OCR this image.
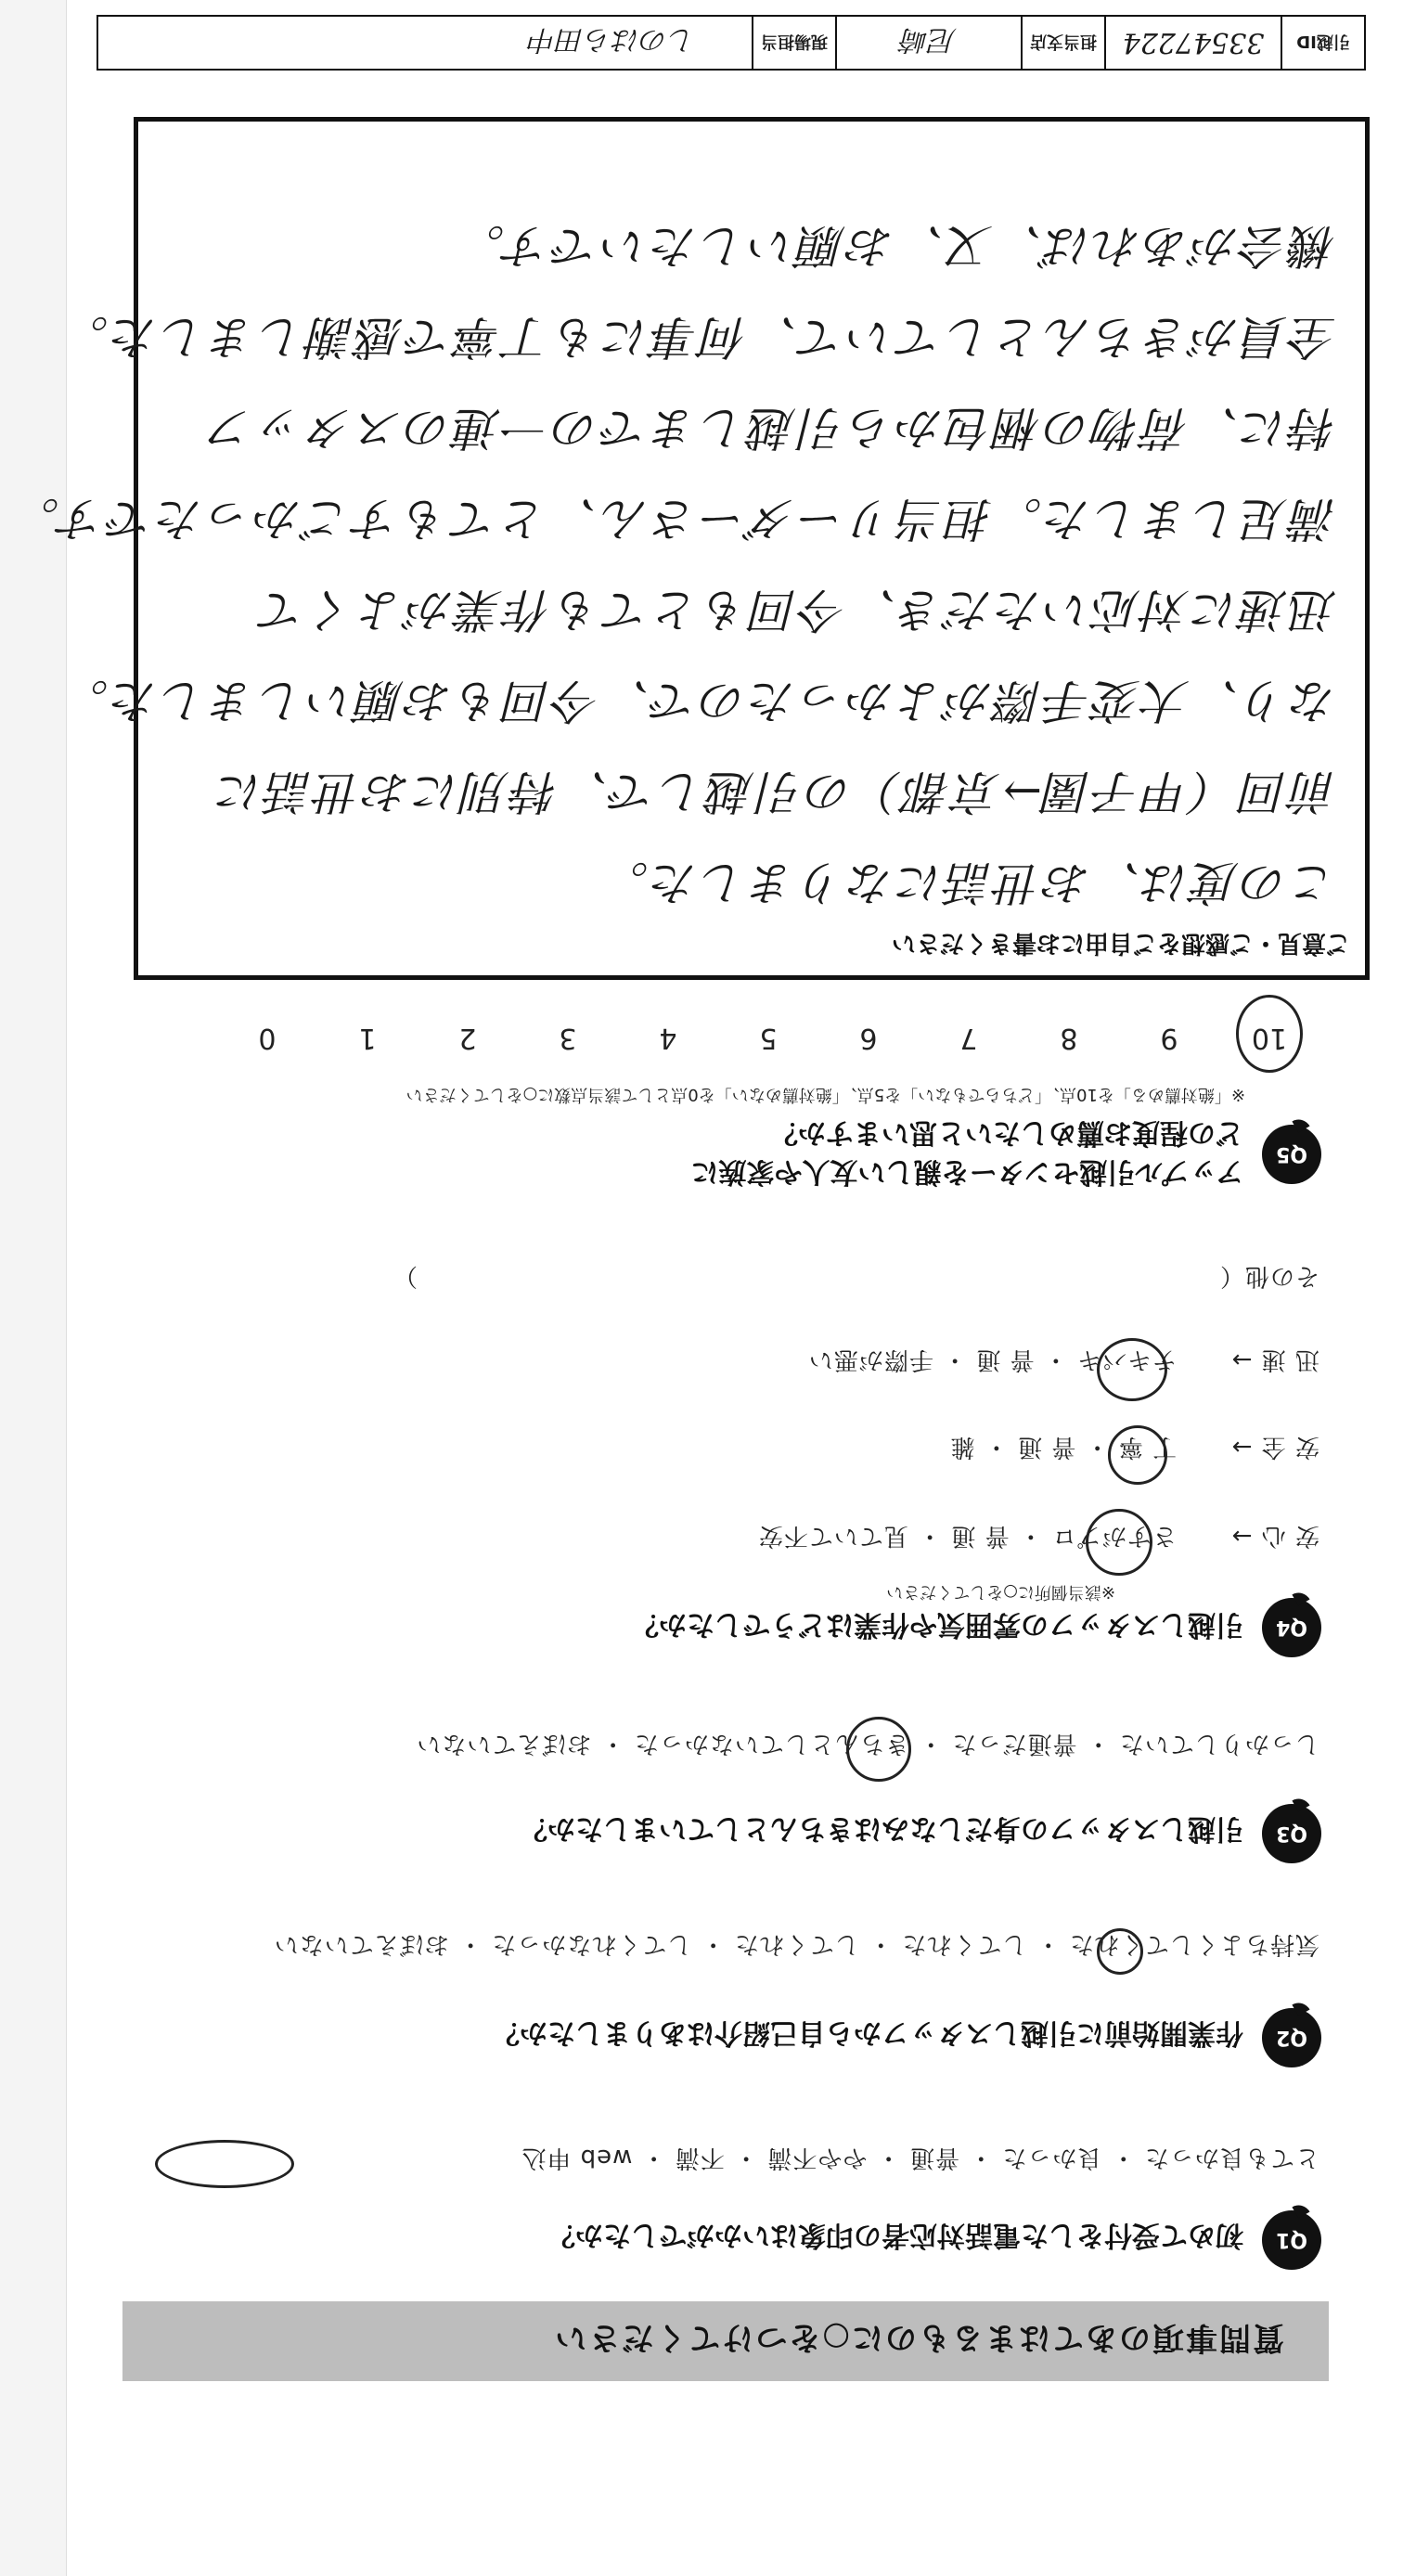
質問事項のあてはまるものに○をつけてください
Q1
初めて受付をした電話対応者の印象はいかがでしたか？
とても良かった ・ 良かった ・ 普通 ・ やや不満 ・ 不満 ・ web 申込
Q2
作業開始前に引越しスタッフから自己紹介はありましたか？
気持ちよくしてくれた ・ してくれた ・ してくれた ・ してくれなかった ・ おぼえていない
Q3
引越しスタッフの身だしなみはきちんとしていましたか？
しっかりしていた ・ 普通だった ・ きちんとしていなかった ・ おぼえていない
Q4
引越しスタッフの雰囲気や作業はどうでしたか？
※該当個所に○をしてください
安 心 →  さすがプロ ・ 普 通 ・ 見ていて不安
安 全 →  丁 寧 ・ 普 通 ・ 雑
迅 速 →  テキパキ ・ 普 通 ・ 手際が悪い
その他（　　　　　　　　　　　　　　　　　　　　　　　　　　　　　　　　）
Q5
アップル引越センターを親しい友人や家族に
どの程度お薦めしたいと思いますか？
※「絶対薦める」を10点、「どちらでもない」を5点、「絶対薦めない」を0点として該当点数に○をしてください
10
9
8
7
6
5
4
3
2
1
0
ご意見・ご感想をご自由にお書きください
この度は、お世話になりました。
前回（甲子園→京都）の引越しで、特別にお世話に
なり、大変手際がよかったので、今回もお願いしました。
迅速に対応いただき、今回もとても作業がよくて
満足しました。担当リーダーさん、とてもすごかったです。
特に、荷物の梱包から引越しまでの一連のスタッフ
全員がきちんとしていて、何事にも丁寧で感謝しました。
機会があれば、又、お願いしたいです。
引越ID
33547224
担当支店
尼崎
現場担当
しのはら田中
